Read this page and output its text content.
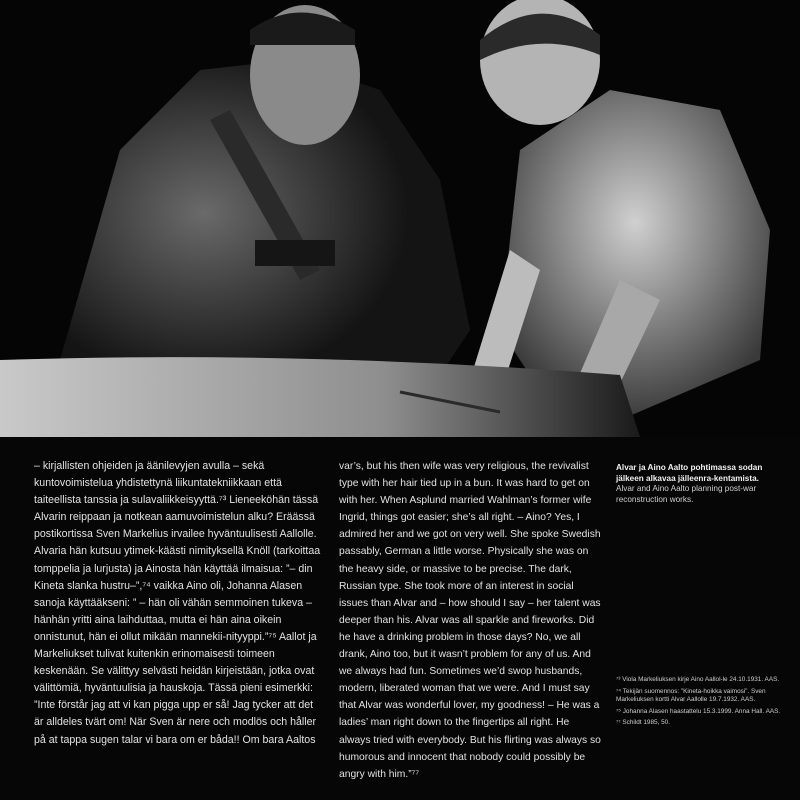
– kirjallisten ohjeiden ja äänilevyjen avulla – sekä kuntovoimistelua yhdistettynä liikuntatekniikkaan että taiteellista tanssia ja sulavaliikkeisyyttä.⁷³ Lieneeköhän tässä Alvarin reippaan ja notkean aamuvoimistelun alku? Eräässä postikortissa Sven Markelius irvailee hyväntuulisesti Aallolle. Alvaria hän kutsuu ytimek-käästi nimityksellä Knöll (tarkoittaa tomppelia ja lurjusta) ja Ainosta hän käyttää ilmaisua: ”– din Kineta slanka hustru–”,⁷⁴ vaikka Aino oli, Johanna Alasen sanoja käyttääkseni: ” – hän oli vähän semmoinen tukeva – hänhän yritti aina laihduttaa, mutta ei hän aina oikein onnistunut, hän ei ollut mikään mannekii-nityyppi.”⁷⁵ Aallot ja Markeliukset tulivat kuitenkin erinomaisesti toimeen keskenään. Se välittyy selvästi heidän kirjeistään, jotka ovat välittömiä, hyväntuulisia ja hauskoja. Tässä pieni esimerkki: ”Inte förstår jag att vi kan pigga upp er så! Jag tycker att det är alldeles tvärt om! När Sven är nere och modlös och håller på at tappa sugen talar vi bara om er båda!! Om bara Aaltos

var’s, but his then wife was very religious, the revivalist type with her hair tied up in a bun. It was hard to get on with her. When Asplund married Wahlman’s former wife Ingrid, things got easier; she’s all right. – Aino? Yes, I admired her and we got on very well. She spoke Swedish passably, German a little worse. Physically she was on the heavy side, or massive to be precise. The dark, Russian type. She took more of an interest in social issues than Alvar and – how should I say – her talent was deeper than his. Alvar was all sparkle and fireworks. Did he have a drinking problem in those days? No, we all drank, Aino too, but it wasn’t problem for any of us. And we always had fun. Sometimes we’d swop husbands, modern, liberated woman that we were. And I must say that Alvar was wonderful lover, my goodness! – He was a ladies’ man right down to the fingertips all right. He always tried with everybody. But his flirting was always so humorous and innocent that nobody could possibly be angry with him.”⁷⁷

Alvar ja Aino Aalto pohtimassa sodan jälkeen alkavaa jälleenra-kentamista.
Alvar and Aino Aalto planning post-war reconstruction works.
⁷³ Viola Markeliuksen kirje Aino Aallol-le 24.10.1931. AAS.
⁷⁴ Tekijän suomennos: ”Kineta-hoikka vaimosi”. Sven Markeliuksen kortti Alvar Aallolle 19.7.1932. AAS.
⁷⁵ Johanna Alasen haastattelu 15.3.1999. Anna Hall. AAS.
⁷⁷ Schildt 1985, 50.
